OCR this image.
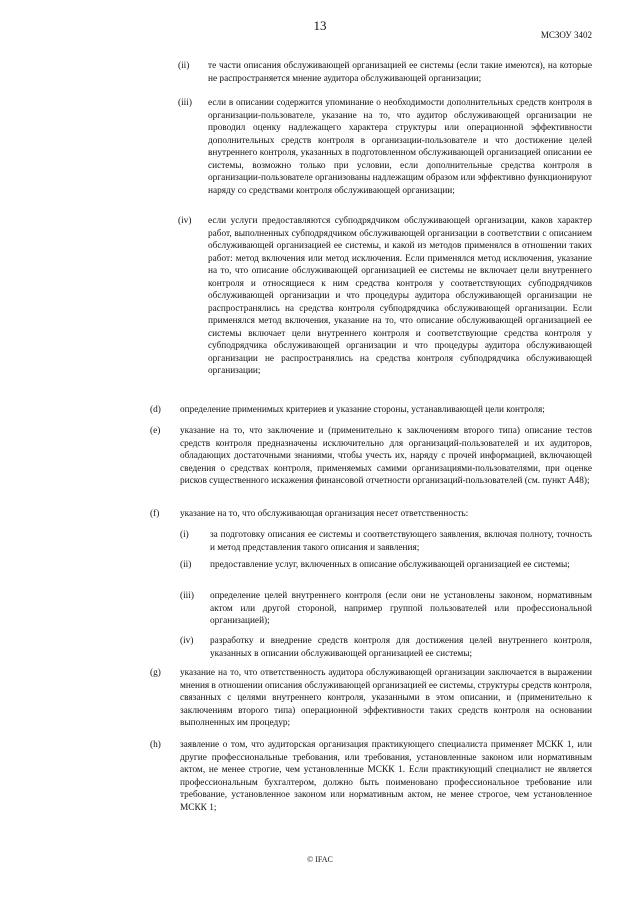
13
МСЗОУ 3402
(ii) те части описания обслуживающей организацией ее системы (если такие имеются), на которые не распространяется мнение аудитора обслуживающей организации;
(iii) если в описании содержится упоминание о необходимости дополнительных средств контроля в организации-пользователе, указание на то, что аудитор обслуживающей организации не проводил оценку надлежащего характера структуры или операционной эффективности дополнительных средств контроля в организации-пользователе и что достижение целей внутреннего контроля, указанных в подготовленном обслуживающей организацией описании ее системы, возможно только при условии, если дополнительные средства контроля в организации-пользователе организованы надлежащим образом или эффективно функционируют наряду со средствами контроля обслуживающей организации;
(iv) если услуги предоставляются субподрядчиком обслуживающей организации, каков характер работ, выполненных субподрядчиком обслуживающей организации в соответствии с описанием обслуживающей организацией ее системы, и какой из методов применялся в отношении таких работ: метод включения или метод исключения. Если применялся метод исключения, указание на то, что описание обслуживающей организацией ее системы не включает цели внутреннего контроля и относящиеся к ним средства контроля у соответствующих субподрядчиков обслуживающей организации и что процедуры аудитора обслуживающей организации не распространялись на средства контроля субподрядчика обслуживающей организации. Если применялся метод включения, указание на то, что описание обслуживающей организацией ее системы включает цели внутреннего контроля и соответствующие средства контроля у субподрядчика обслуживающей организации и что процедуры аудитора обслуживающей организации не распространялись на средства контроля субподрядчика обслуживающей организации;
(d) определение применимых критериев и указание стороны, устанавливающей цели контроля;
(e) указание на то, что заключение и (применительно к заключениям второго типа) описание тестов средств контроля предназначены исключительно для организаций-пользователей и их аудиторов, обладающих достаточными знаниями, чтобы учесть их, наряду с прочей информацией, включающей сведения о средствах контроля, применяемых самими организациями-пользователями, при оценке рисков существенного искажения финансовой отчетности организаций-пользователей (см. пункт A48);
(f) указание на то, что обслуживающая организация несет ответственность:
(i) за подготовку описания ее системы и соответствующего заявления, включая полноту, точность и метод представления такого описания и заявления;
(ii) предоставление услуг, включенных в описание обслуживающей организацией ее системы;
(iii) определение целей внутреннего контроля (если они не установлены законом, нормативным актом или другой стороной, например группой пользователей или профессиональной организацией);
(iv) разработку и внедрение средств контроля для достижения целей внутреннего контроля, указанных в описании обслуживающей организацией ее системы;
(g) указание на то, что ответственность аудитора обслуживающей организации заключается в выражении мнения в отношении описания обслуживающей организацией ее системы, структуры средств контроля, связанных с целями внутреннего контроля, указанными в этом описании, и (применительно к заключениям второго типа) операционной эффективности таких средств контроля на основании выполненных им процедур;
(h) заявление о том, что аудиторская организация практикующего специалиста применяет МСКК 1, или другие профессиональные требования, или требования, установленные законом или нормативным актом, не менее строгие, чем установленные МСКК 1. Если практикующий специалист не является профессиональным бухгалтером, должно быть поименовано профессиональное требование или требование, установленное законом или нормативным актом, не менее строгое, чем установленное МСКК 1;
© IFAC
